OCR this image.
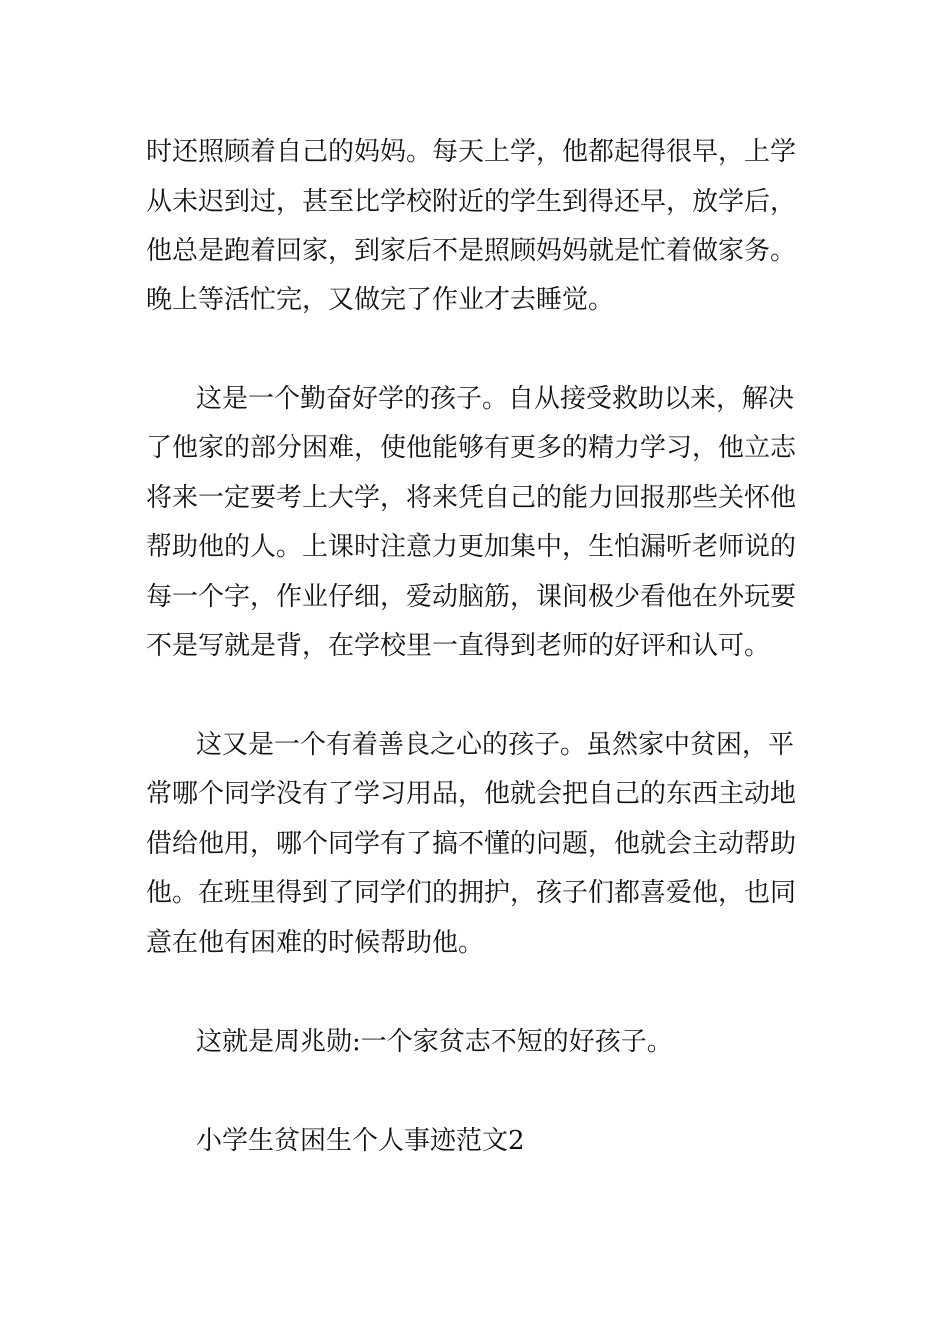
时还照顾着自己的妈妈。每天上学，他都起得很早，上学
从未迟到过，甚至比学校附近的学生到得还早，放学后，
他总是跑着回家，到家后不是照顾妈妈就是忙着做家务。
晚上等活忙完，又做完了作业才去睡觉。
这是一个勤奋好学的孩子。自从接受救助以来，解决
了他家的部分困难，使他能够有更多的精力学习，他立志
将来一定要考上大学，将来凭自己的能力回报那些关怀他
帮助他的人。上课时注意力更加集中，生怕漏听老师说的
每一个字，作业仔细，爱动脑筋，课间极少看他在外玩要
不是写就是背，在学校里一直得到老师的好评和认可。
这又是一个有着善良之心的孩子。虽然家中贫困，平
常哪个同学没有了学习用品，他就会把自己的东西主动地
借给他用，哪个同学有了搞不懂的问题，他就会主动帮助
他。在班里得到了同学们的拥护，孩子们都喜爱他，也同
意在他有困难的时候帮助他。
这就是周兆勋:一个家贫志不短的好孩子。
小学生贫困生个人事迹范文2
